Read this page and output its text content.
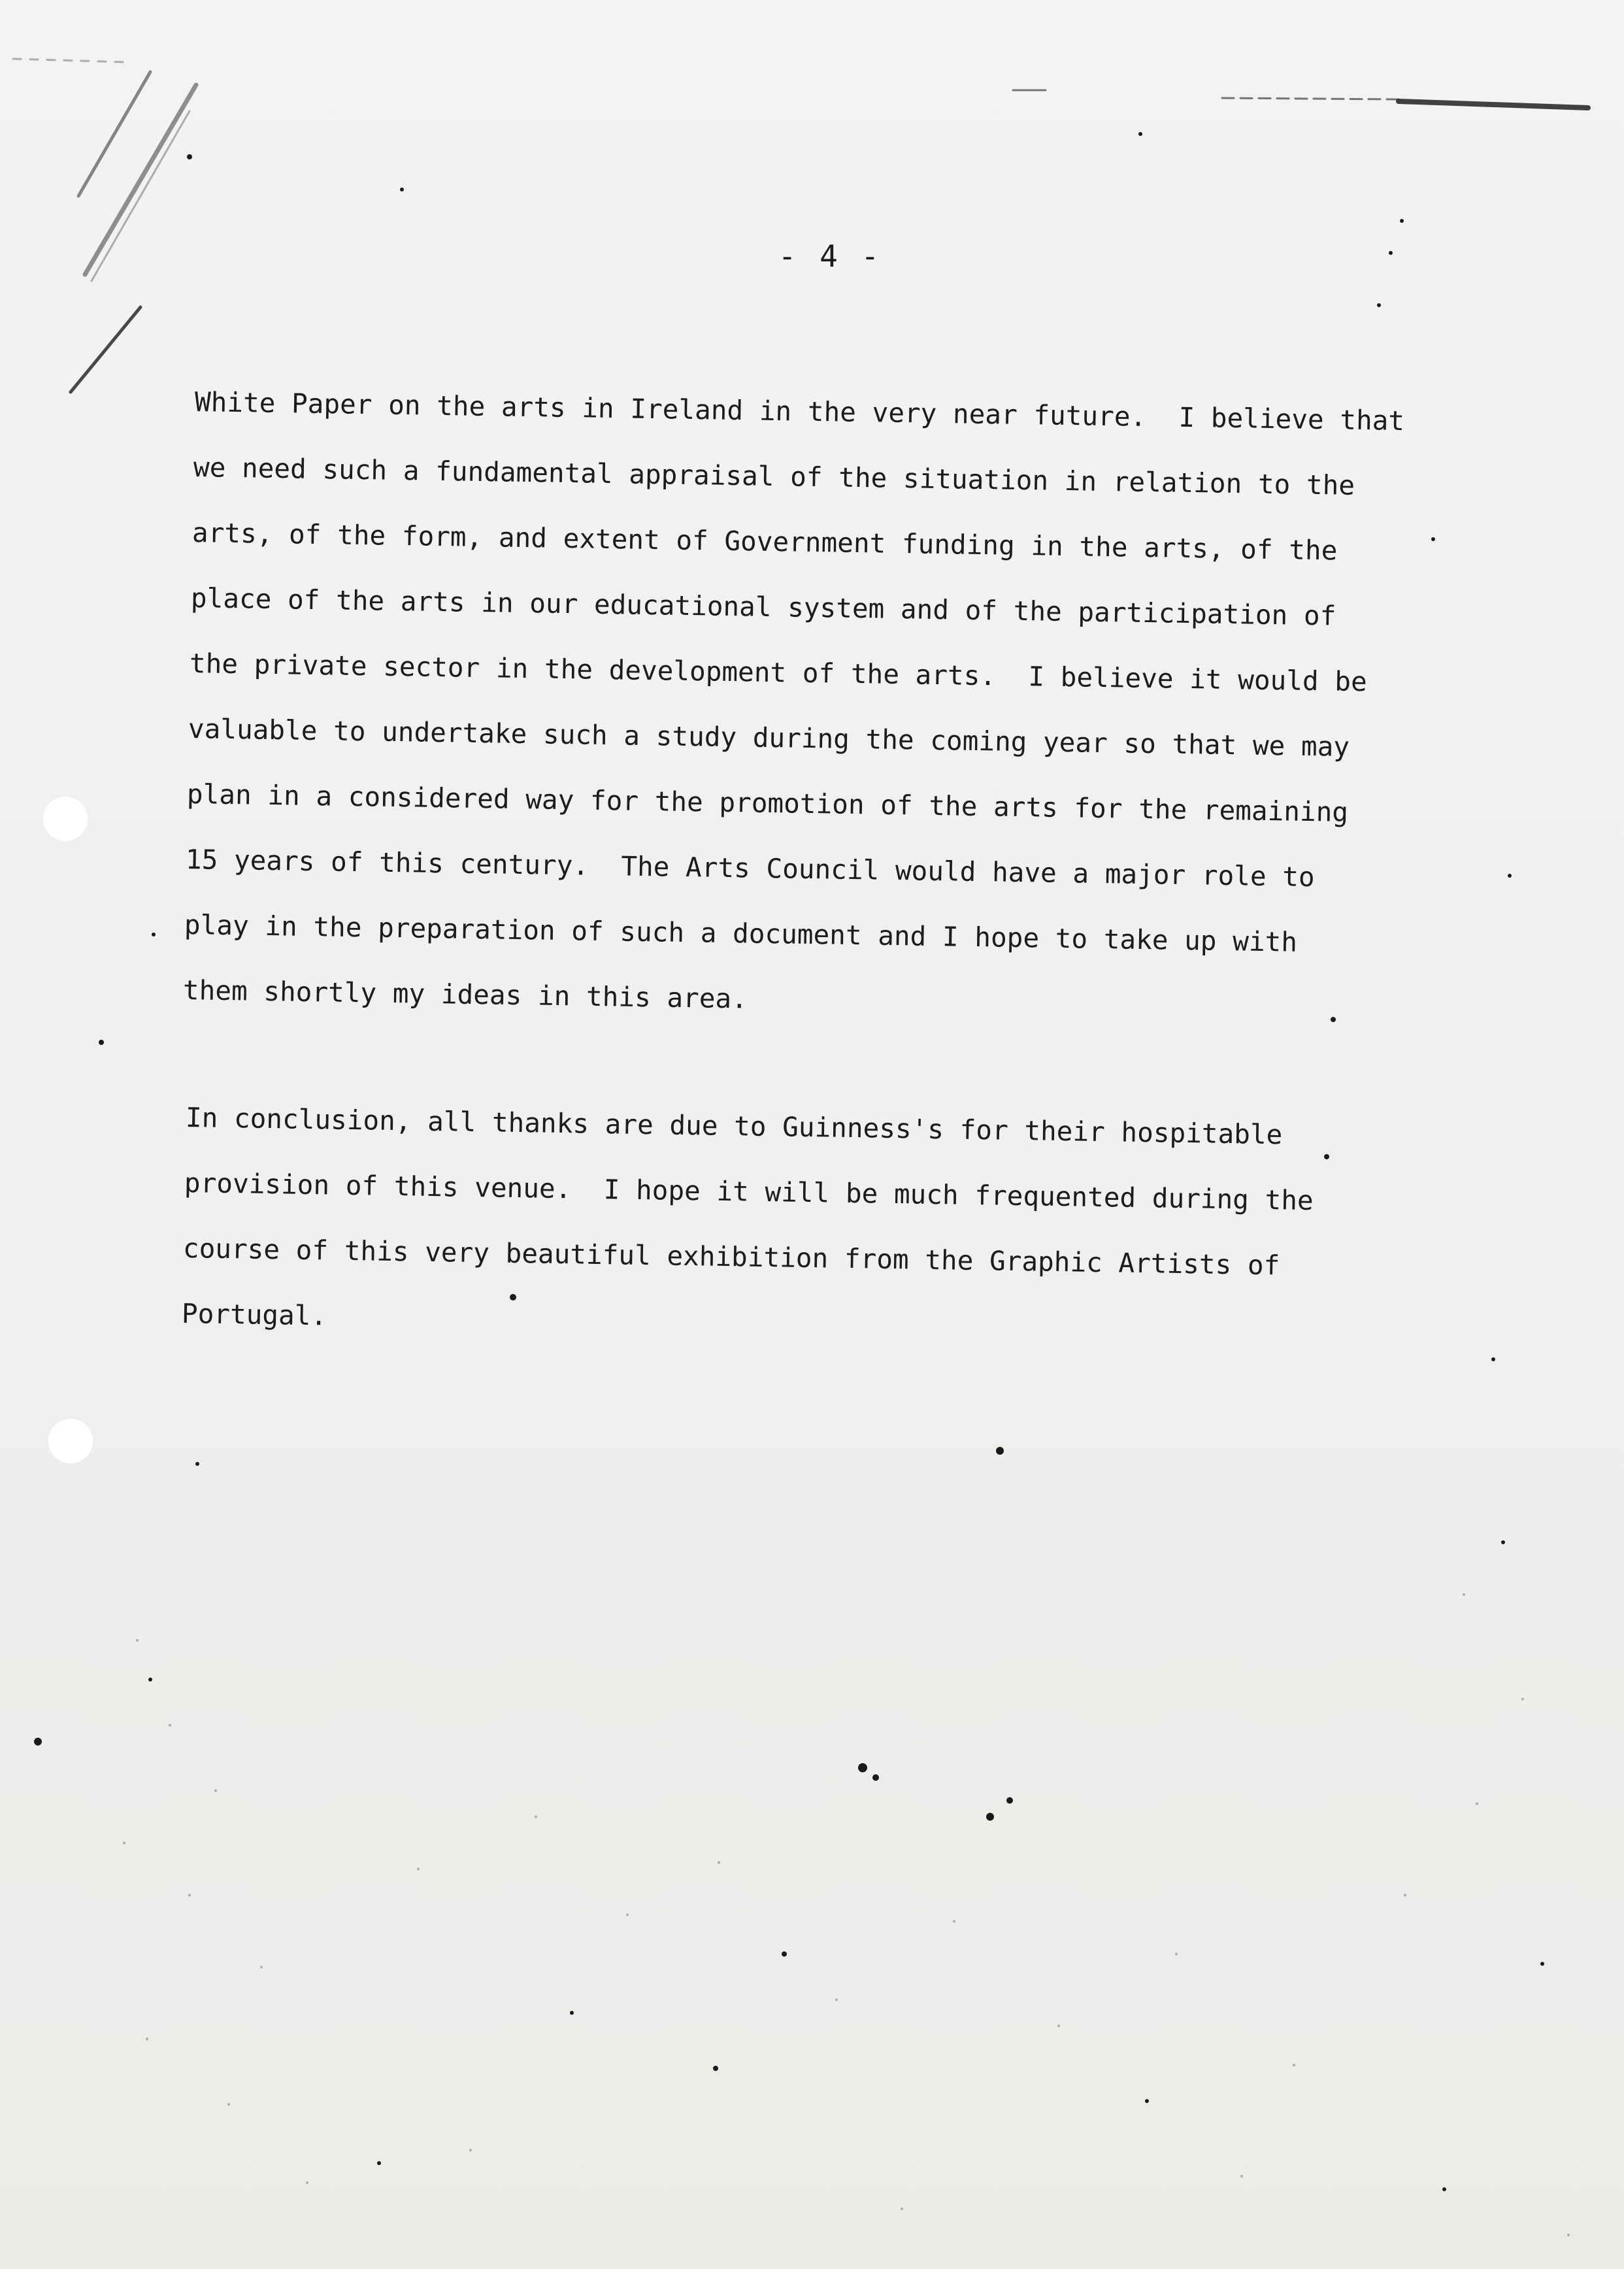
- 4 -

White Paper on the arts in Ireland in the very near future.  I believe that
we need such a fundamental appraisal of the situation in relation to the
arts, of the form, and extent of Government funding in the arts, of the
place of the arts in our educational system and of the participation of
the private sector in the development of the arts.  I believe it would be
valuable to undertake such a study during the coming year so that we may
plan in a considered way for the promotion of the arts for the remaining
15 years of this century.  The Arts Council would have a major role to
play in the preparation of such a document and I hope to take up with
them shortly my ideas in this area.

In conclusion, all thanks are due to Guinness's for their hospitable
provision of this venue.  I hope it will be much frequented during the
course of this very beautiful exhibition from the Graphic Artists of
Portugal.
